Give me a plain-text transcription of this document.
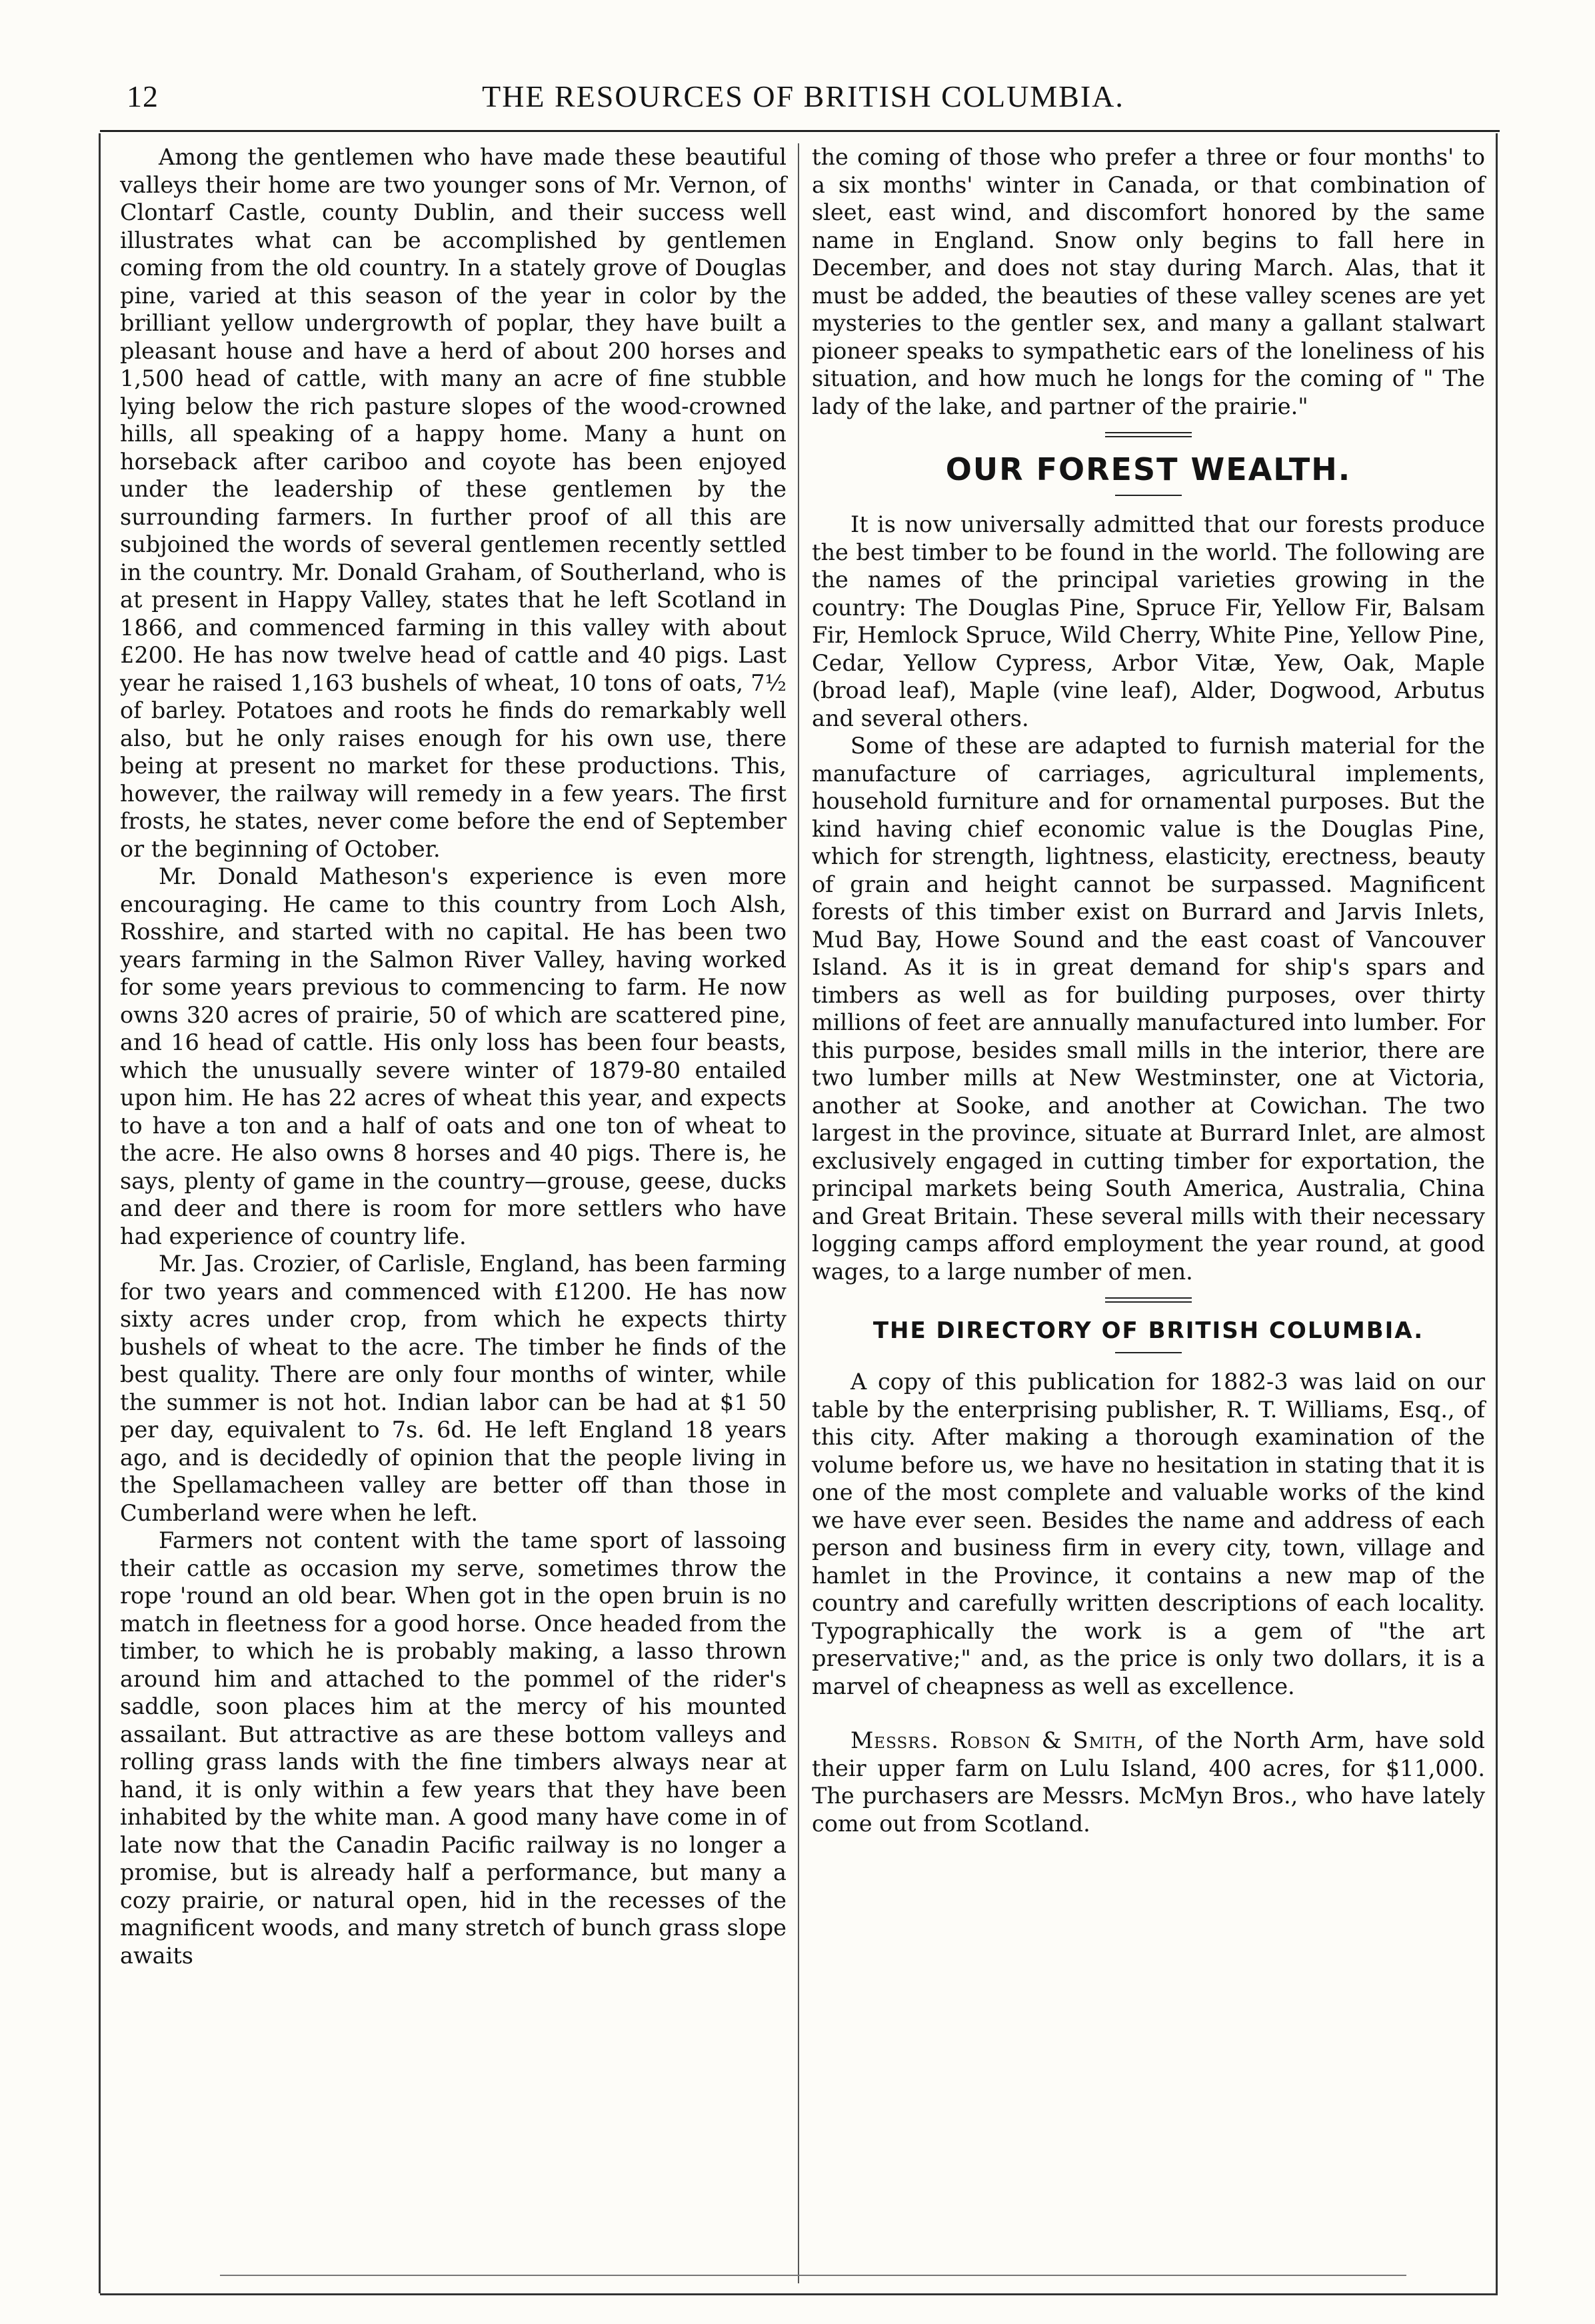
12	THE RESOURCES OF BRITISH COLUMBIA.

Among the gentlemen who have made these beautiful valleys their home are two younger sons of Mr. Vernon, of Clontarf Castle, county Dublin, and their success well illustrates what can be accomplished by gentlemen coming from the old country. In a stately grove of Douglas pine, varied at this season of the year in color by the brilliant yellow undergrowth of poplar, they have built a pleasant house and have a herd of about 200 horses and 1,500 head of cattle, with many an acre of fine stubble lying below the rich pasture slopes of the wood-crowned hills, all speaking of a happy home. Many a hunt on horseback after cariboo and coyote has been enjoyed under the leadership of these gentlemen by the surrounding farmers. In further proof of all this are subjoined the words of several gentlemen recently settled in the country. Mr. Donald Graham, of Southerland, who is at present in Happy Valley, states that he left Scotland in 1866, and commenced farming in this valley with about £200. He has now twelve head of cattle and 40 pigs. Last year he raised 1,163 bushels of wheat, 10 tons of oats, 7½ of barley. Potatoes and roots he finds do remarkably well also, but he only raises enough for his own use, there being at present no market for these productions. This, however, the railway will remedy in a few years. The first frosts, he states, never come before the end of September or the beginning of October.

Mr. Donald Matheson's experience is even more encouraging. He came to this country from Loch Alsh, Rosshire, and started with no capital. He has been two years farming in the Salmon River Valley, having worked for some years previous to commencing to farm. He now owns 320 acres of prairie, 50 of which are scattered pine, and 16 head of cattle. His only loss has been four beasts, which the unusually severe winter of 1879-80 entailed upon him. He has 22 acres of wheat this year, and expects to have a ton and a half of oats and one ton of wheat to the acre. He also owns 8 horses and 40 pigs. There is, he says, plenty of game in the country—grouse, geese, ducks and deer and there is room for more settlers who have had experience of country life.

Mr. Jas. Crozier, of Carlisle, England, has been farming for two years and commenced with £1200. He has now sixty acres under crop, from which he expects thirty bushels of wheat to the acre. The timber he finds of the best quality. There are only four months of winter, while the summer is not hot. Indian labor can be had at $1 50 per day, equivalent to 7s. 6d. He left England 18 years ago, and is decidedly of opinion that the people living in the Spellamacheen valley are better off than those in Cumberland were when he left.

Farmers not content with the tame sport of lassoing their cattle as occasion my serve, sometimes throw the rope 'round an old bear. When got in the open bruin is no match in fleetness for a good horse. Once headed from the timber, to which he is probably making, a lasso thrown around him and attached to the pommel of the rider's saddle, soon places him at the mercy of his mounted assailant. But attractive as are these bottom valleys and rolling grass lands with the fine timbers always near at hand, it is only within a few years that they have been inhabited by the white man. A good many have come in of late now that the Canadin Pacific railway is no longer a promise, but is already half a performance, but many a cozy prairie, or natural open, hid in the recesses of the magnificent woods, and many stretch of bunch grass slope awaits

the coming of those who prefer a three or four months' to a six months' winter in Canada, or that combination of sleet, east wind, and discomfort honored by the same name in England. Snow only begins to fall here in December, and does not stay during March. Alas, that it must be added, the beauties of these valley scenes are yet mysteries to the gentler sex, and many a gallant stalwart pioneer speaks to sympathetic ears of the loneliness of his situation, and how much he longs for the coming of " The lady of the lake, and partner of the prairie."

OUR FOREST WEALTH.

It is now universally admitted that our forests produce the best timber to be found in the world. The following are the names of the principal varieties growing in the country: The Douglas Pine, Spruce Fir, Yellow Fir, Balsam Fir, Hemlock Spruce, Wild Cherry, White Pine, Yellow Pine, Cedar, Yellow Cypress, Arbor Vitæ, Yew, Oak, Maple (broad leaf), Maple (vine leaf), Alder, Dogwood, Arbutus and several others.

Some of these are adapted to furnish material for the manufacture of carriages, agricultural implements, household furniture and for ornamental purposes. But the kind having chief economic value is the Douglas Pine, which for strength, lightness, elasticity, erectness, beauty of grain and height cannot be surpassed. Magnificent forests of this timber exist on Burrard and Jarvis Inlets, Mud Bay, Howe Sound and the east coast of Vancouver Island. As it is in great demand for ship's spars and timbers as well as for building purposes, over thirty millions of feet are annually manufactured into lumber. For this purpose, besides small mills in the interior, there are two lumber mills at New Westminster, one at Victoria, another at Sooke, and another at Cowichan. The two largest in the province, situate at Burrard Inlet, are almost exclusively engaged in cutting timber for exportation, the principal markets being South America, Australia, China and Great Britain. These several mills with their necessary logging camps afford employment the year round, at good wages, to a large number of men.

THE DIRECTORY OF BRITISH COLUMBIA.

A copy of this publication for 1882-3 was laid on our table by the enterprising publisher, R. T. Williams, Esq., of this city. After making a thorough examination of the volume before us, we have no hesitation in stating that it is one of the most complete and valuable works of the kind we have ever seen. Besides the name and address of each person and business firm in every city, town, village and hamlet in the Province, it contains a new map of the country and carefully written descriptions of each locality. Typographically the work is a gem of "the art preservative;" and, as the price is only two dollars, it is a marvel of cheapness as well as excellence.

Messrs. Robson & Smith, of the North Arm, have sold their upper farm on Lulu Island, 400 acres, for $11,000. The purchasers are Messrs. McMyn Bros., who have lately come out from Scotland.
